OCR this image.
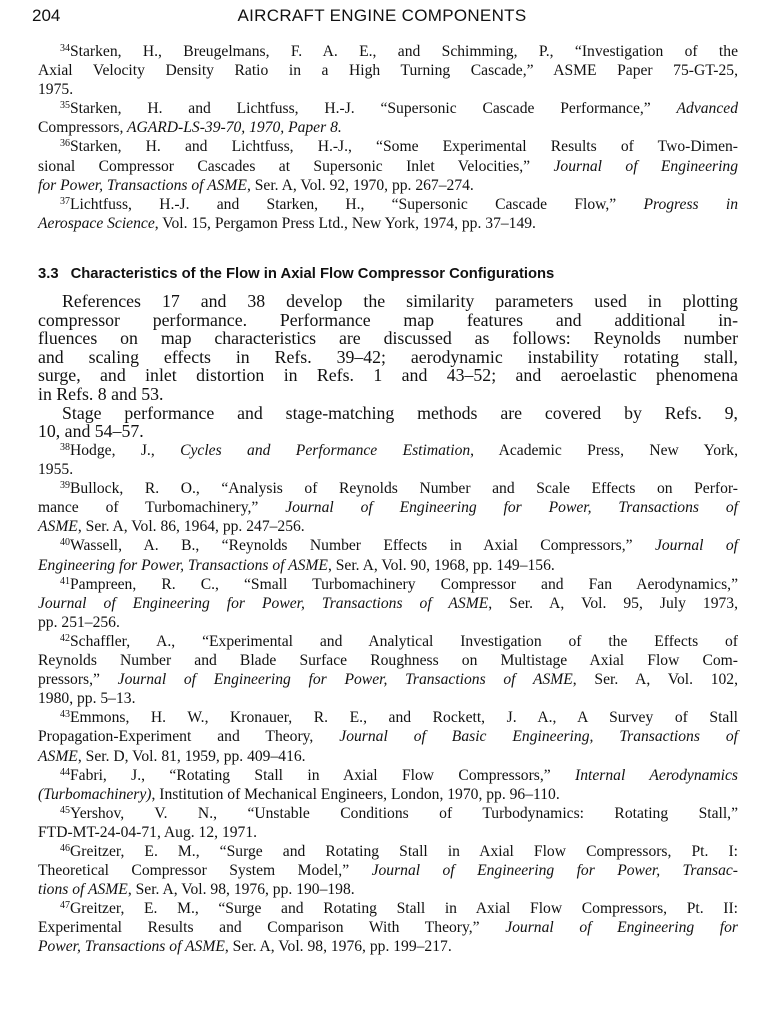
204	AIRCRAFT ENGINE COMPONENTS
$^{34}$Starken, H., Breugelmans, F. A. E., and Schimming, P., “Investigation of the
Axial Velocity Density Ratio in a High Turning Cascade,” ASME Paper 75-GT-25,
1975.
$^{35}$Starken, H. and Lichtfuss, H.-J. “Supersonic Cascade Performance,” Advanced
Compressors, AGARD-LS-39-70, 1970, Paper 8.
$^{36}$Starken, H. and Lichtfuss, H.-J., “Some Experimental Results of Two-Dimen-
sional Compressor Cascades at Supersonic Inlet Velocities,” Journal of Engineering
for Power, Transactions of ASME, Ser. A, Vol. 92, 1970, pp. 267–274.
$^{37}$Lichtfuss, H.-J. and Starken, H., “Supersonic Cascade Flow,” Progress in
Aerospace Science, Vol. 15, Pergamon Press Ltd., New York, 1974, pp. 37–149.
3.3 Characteristics of the Flow in Axial Flow Compressor Configurations
References 17 and 38 develop the similarity parameters used in plotting
compressor performance. Performance map features and additional in-
fluences on map characteristics are discussed as follows: Reynolds number
and scaling effects in Refs. 39–42; aerodynamic instability rotating stall,
surge, and inlet distortion in Refs. 1 and 43–52; and aeroelastic phenomena
in Refs. 8 and 53.
Stage performance and stage-matching methods are covered by Refs. 9,
10, and 54–57.
$^{38}$Hodge, J., Cycles and Performance Estimation, Academic Press, New York,
1955.
$^{39}$Bullock, R. O., “Analysis of Reynolds Number and Scale Effects on Perfor-
mance of Turbomachinery,” Journal of Engineering for Power, Transactions of
ASME, Ser. A, Vol. 86, 1964, pp. 247–256.
$^{40}$Wassell, A. B., “Reynolds Number Effects in Axial Compressors,” Journal of
Engineering for Power, Transactions of ASME, Ser. A, Vol. 90, 1968, pp. 149–156.
$^{41}$Pampreen, R. C., “Small Turbomachinery Compressor and Fan Aerodynamics,”
Journal of Engineering for Power, Transactions of ASME, Ser. A, Vol. 95, July 1973,
pp. 251–256.
$^{42}$Schaffler, A., “Experimental and Analytical Investigation of the Effects of
Reynolds Number and Blade Surface Roughness on Multistage Axial Flow Com-
pressors,” Journal of Engineering for Power, Transactions of ASME, Ser. A, Vol. 102,
1980, pp. 5–13.
$^{43}$Emmons, H. W., Kronauer, R. E., and Rockett, J. A., A Survey of Stall
Propagation-Experiment and Theory, Journal of Basic Engineering, Transactions of
ASME, Ser. D, Vol. 81, 1959, pp. 409–416.
$^{44}$Fabri, J., “Rotating Stall in Axial Flow Compressors,” Internal Aerodynamics
(Turbomachinery), Institution of Mechanical Engineers, London, 1970, pp. 96–110.
$^{45}$Yershov, V. N., “Unstable Conditions of Turbodynamics: Rotating Stall,”
FTD-MT-24-04-71, Aug. 12, 1971.
$^{46}$Greitzer, E. M., “Surge and Rotating Stall in Axial Flow Compressors, Pt. I:
Theoretical Compressor System Model,” Journal of Engineering for Power, Transac-
tions of ASME, Ser. A, Vol. 98, 1976, pp. 190–198.
$^{47}$Greitzer, E. M., “Surge and Rotating Stall in Axial Flow Compressors, Pt. II:
Experimental Results and Comparison With Theory,” Journal of Engineering for
Power, Transactions of ASME, Ser. A, Vol. 98, 1976, pp. 199–217.
